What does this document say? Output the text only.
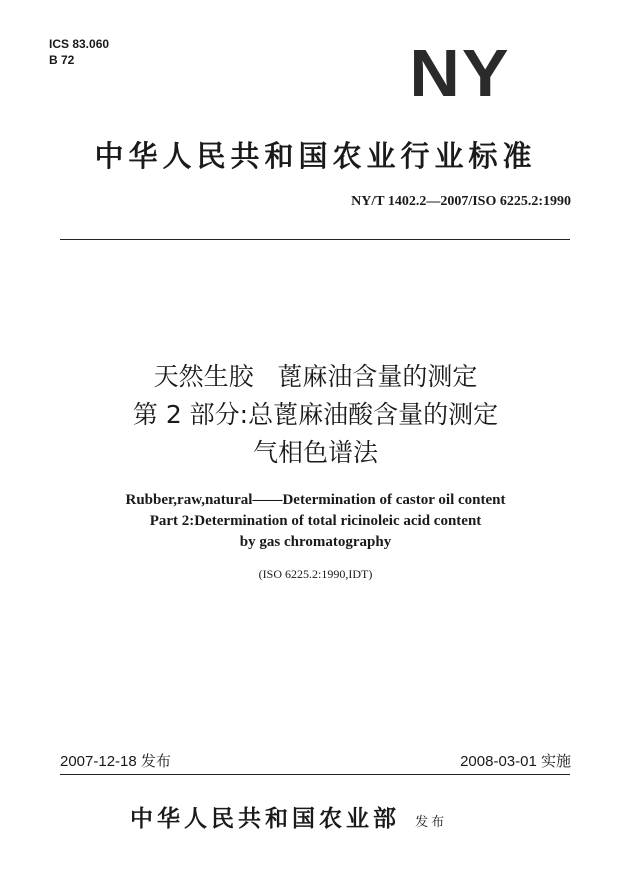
ICS 83.060
B 72	NY
中华人民共和国农业行业标准
NY/T 1402.2—2007/ISO 6225.2:1990
天然生胶   蓖麻油含量的测定
第 2 部分:总蓖麻油酸含量的测定
气相色谱法
Rubber,raw,natural——Determination of castor oil content
Part 2:Determination of total ricinoleic acid content
by gas chromatography
(ISO 6225.2:1990,IDT)
2007-12-18 发布	2008-03-01 实施
中华人民共和国农业部 发布
